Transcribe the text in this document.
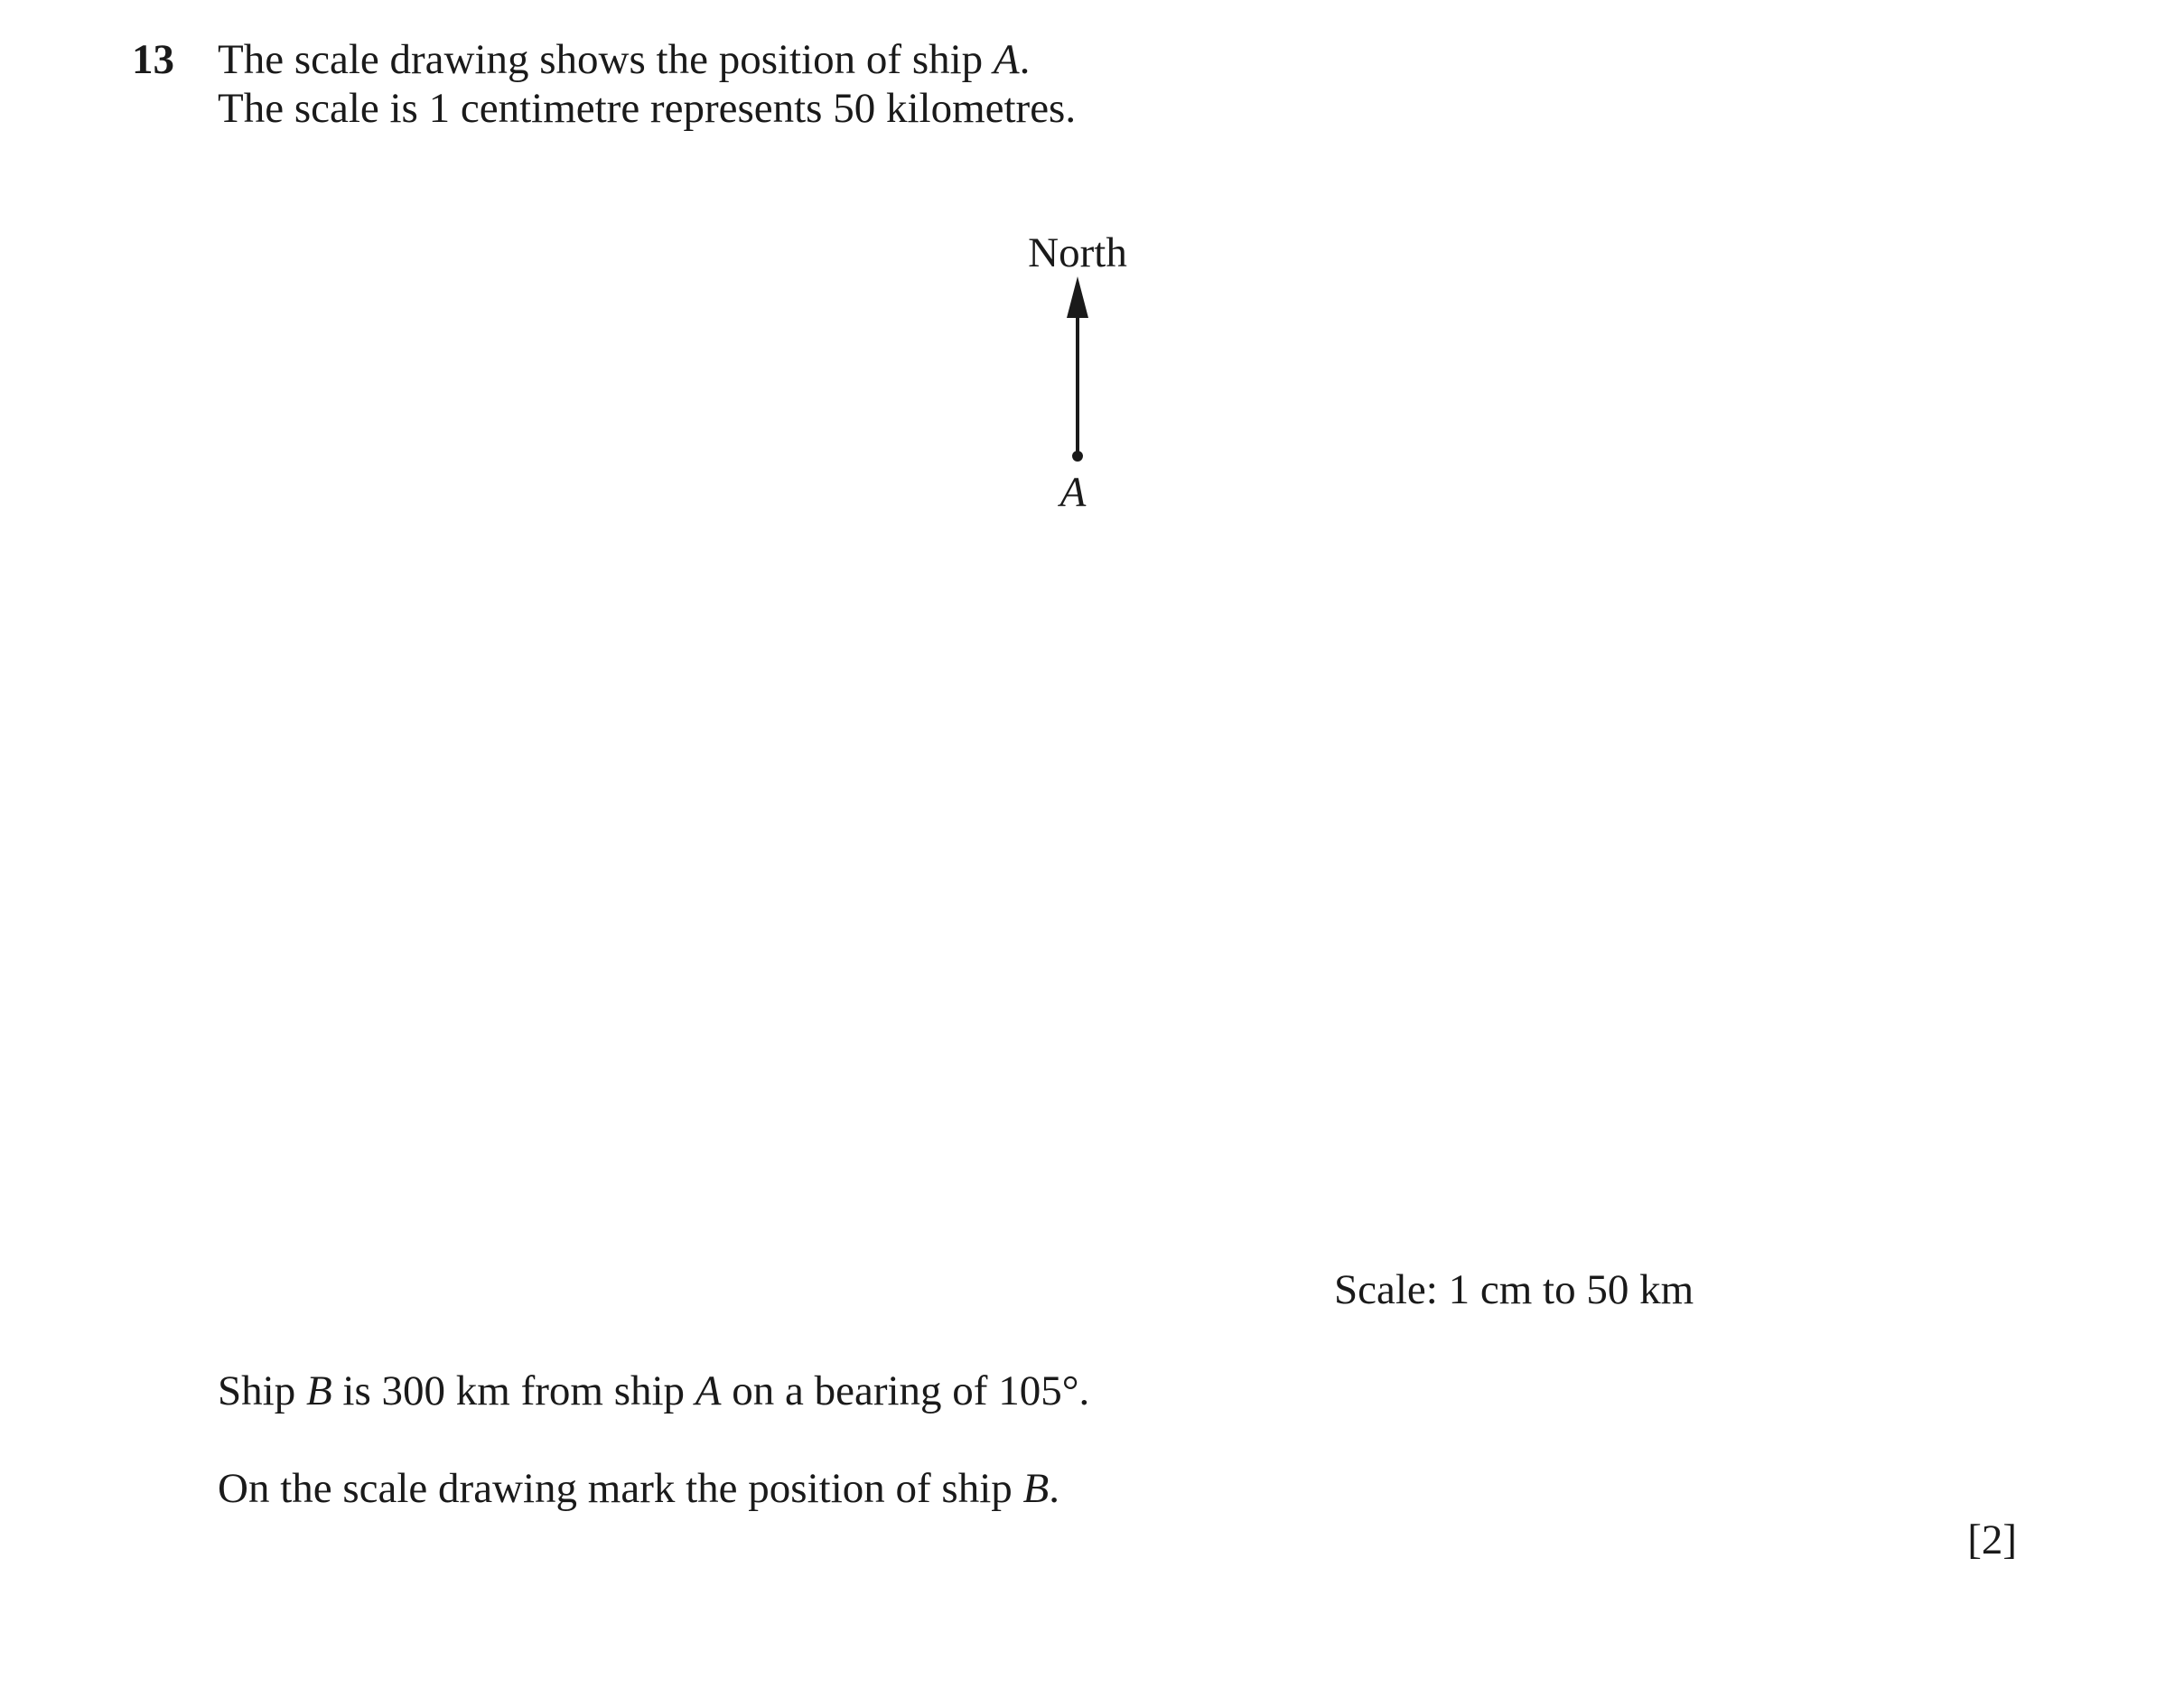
13 The scale drawing shows the position of ship A.
The scale is 1 centimetre represents 50 kilometres.
North
A
Scale: 1 cm to 50 km
Ship B is 300 km from ship A on a bearing of 105°.
On the scale drawing mark the position of ship B.
[2]
